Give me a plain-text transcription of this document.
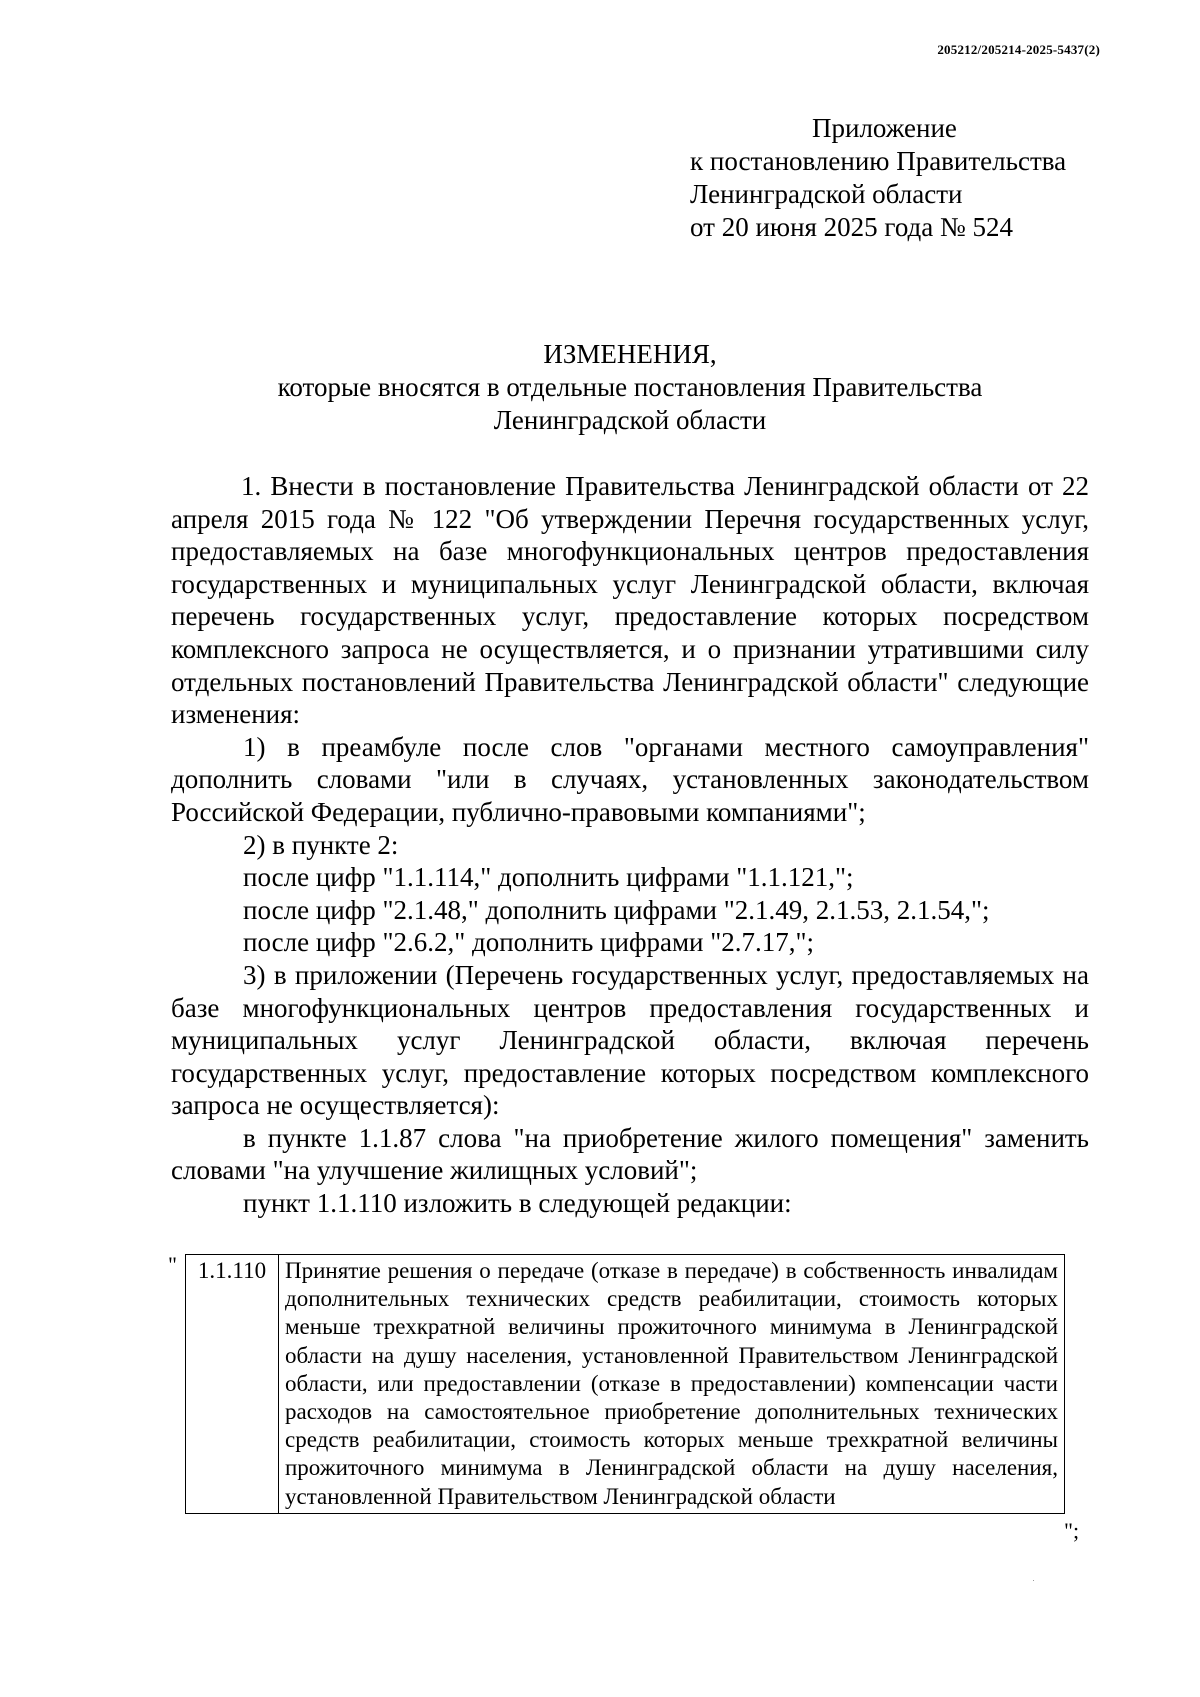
205212/205214-2025-5437(2)
Приложение
к постановлению Правительства
Ленинградской области
от 20 июня 2025 года № 524
ИЗМЕНЕНИЯ,
которые вносятся в отдельные постановления Правительства
Ленинградской области
1. Внести в постановление Правительства Ленинградской области от 22 апреля 2015 года № 122 "Об утверждении Перечня государственных услуг, предоставляемых на базе многофункциональных центров предоставления государственных и муниципальных услуг Ленинградской области, включая перечень государственных услуг, предоставление которых посредством комплексного запроса не осуществляется, и о признании утратившими силу отдельных постановлений Правительства Ленинградской области" следующие изменения:
1) в преамбуле после слов "органами местного самоуправления" дополнить словами "или в случаях, установленных законодательством Российской Федерации, публично-правовыми компаниями";
2) в пункте 2:
после цифр "1.1.114," дополнить цифрами "1.1.121,";
после цифр "2.1.48," дополнить цифрами "2.1.49, 2.1.53, 2.1.54,";
после цифр "2.6.2," дополнить цифрами "2.7.17,";
3) в приложении (Перечень государственных услуг, предоставляемых на базе многофункциональных центров предоставления государственных и муниципальных услуг Ленинградской области, включая перечень государственных услуг, предоставление которых посредством комплексного запроса не осуществляется):
в пункте 1.1.87 слова "на приобретение жилого помещения" заменить словами "на улучшение жилищных условий";
пункт 1.1.110 изложить в следующей редакции:
" 1.1.110	Принятие решения о передаче (отказе в передаче) в собственность инвалидам дополнительных технических средств реабилитации, стоимость которых меньше трехкратной величины прожиточного минимума в Ленинградской области на душу населения, установленной Правительством Ленинградской области, или предоставлении (отказе в предоставлении) компенсации части расходов на самостоятельное приобретение дополнительных технических средств реабилитации, стоимость которых меньше трехкратной величины прожиточного минимума в Ленинградской области на душу населения, установленной Правительством Ленинградской области
";
